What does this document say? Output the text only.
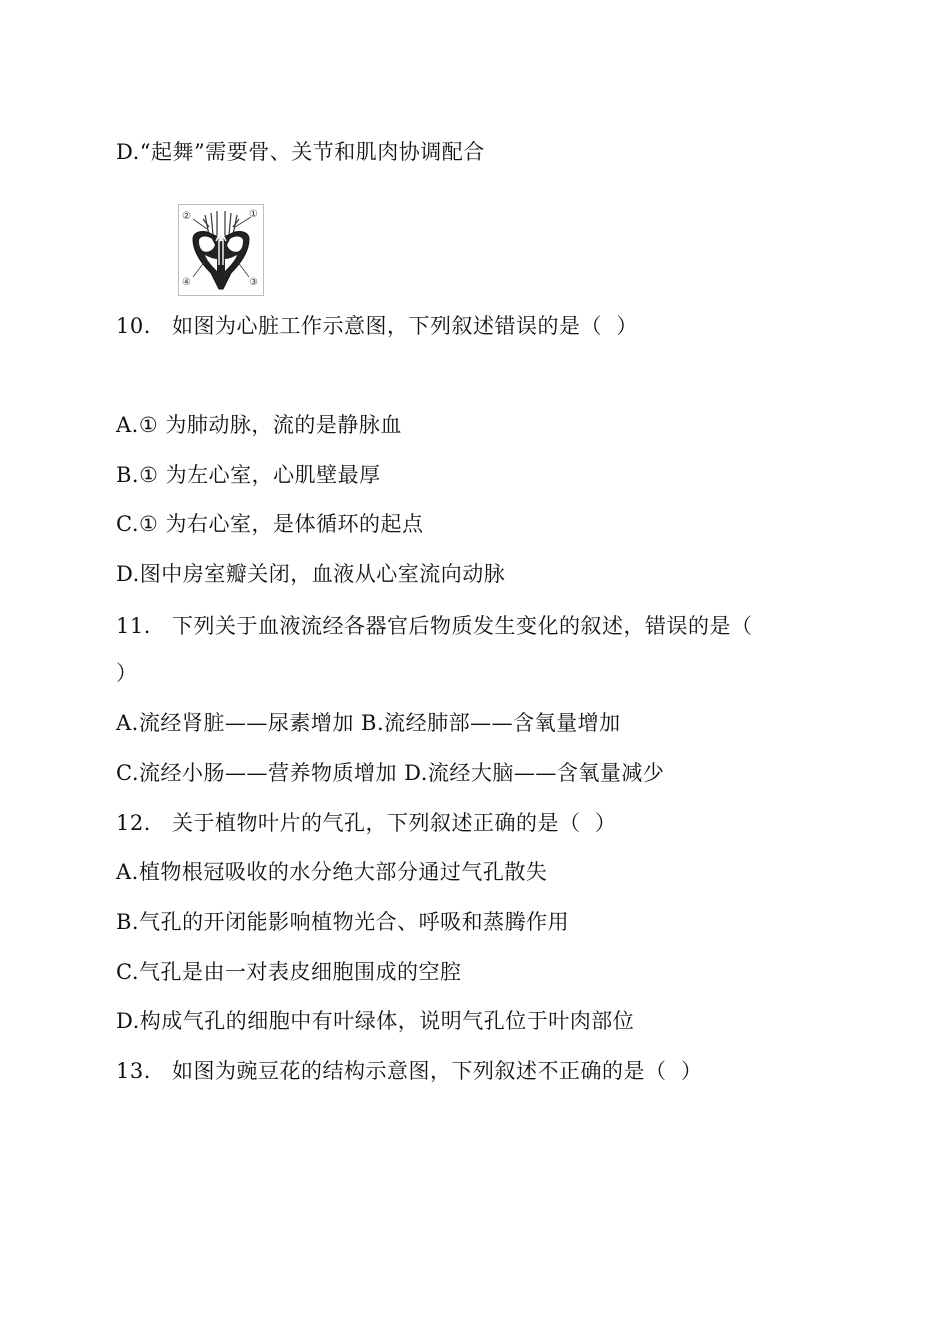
D.“起舞”需要骨、关节和肌肉协调配合
②	①
④	③
10. 如图为心脏工作示意图，下列叙述错误的是（  ）
A.① 为肺动脉，流的是静脉血
B.① 为左心室，心肌壁最厚
C.① 为右心室，是体循环的起点
D.图中房室瓣关闭，血液从心室流向动脉
11. 下列关于血液流经各器官后物质发生变化的叙述，错误的是（
）
A.流经肾脏——尿素增加 B.流经肺部——含氧量增加
C.流经小肠——营养物质增加 D.流经大脑——含氧量减少
12. 关于植物叶片的气孔，下列叙述正确的是（  ）
A.植物根冠吸收的水分绝大部分通过气孔散失
B.气孔的开闭能影响植物光合、呼吸和蒸腾作用
C.气孔是由一对表皮细胞围成的空腔
D.构成气孔的细胞中有叶绿体，说明气孔位于叶肉部位
13. 如图为豌豆花的结构示意图，下列叙述不正确的是（  ）
